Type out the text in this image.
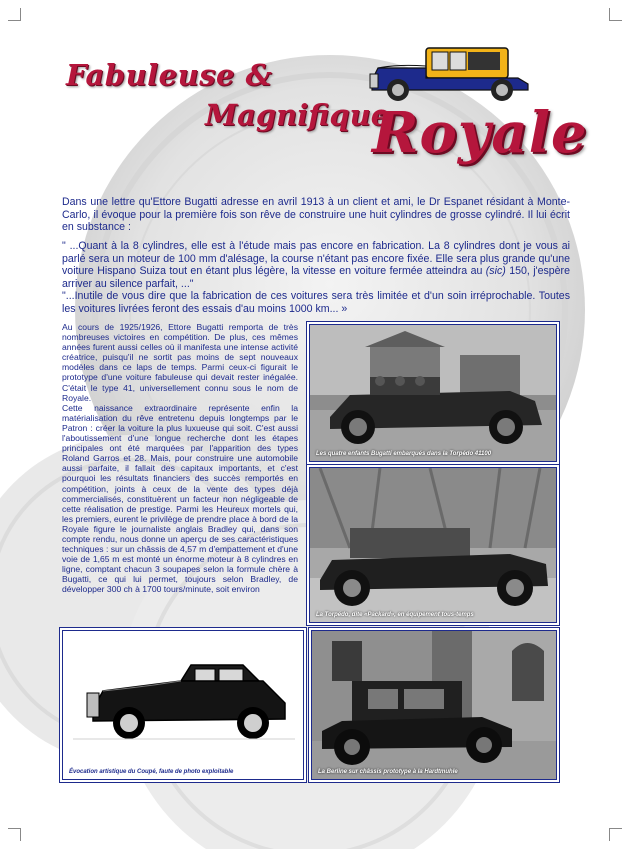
Fabuleuse &
Magnifique
Royale

Dans une lettre qu'Ettore Bugatti adresse en avril 1913 à un client et ami, le Dr Espanet résidant à Monte-Carlo, il évoque pour la première fois son rêve de construire une huit cylindres de grosse cylindré. Il lui écrit en substance :

" ...Quant à la 8 cylindres, elle est à l'étude mais pas encore en fabrication. La 8 cylindres dont je vous ai parlé sera un moteur de 100 mm d'alésage, la course n'étant pas encore fixée. Elle sera plus grande qu'une voiture Hispano Suiza tout en étant plus légère, la vitesse en voiture fermée atteindra au (sic) 150, j'espère arriver au silence parfait, ..."

"...Inutile de vous dire que la fabrication de ces voitures sera très limitée et d'un soin irréprochable. Toutes les voitures livrées feront des essais d'au moins 1000 km... »

Au cours de 1925/1926, Ettore Bugatti remporta de très nombreuses victoires en compétition. De plus, ces mêmes années furent aussi celles où il manifesta une intense activité créatrice, puisqu'il ne sortit pas moins de sept nouveaux modèles dans ce laps de temps. Parmi ceux-ci figurait le prototype d'une voiture fabuleuse qui devait rester inégalée. C'était le type 41, universellement connu sous le nom de Royale.

Cette naissance extraordinaire représente enfin la matérialisation du rêve entretenu depuis longtemps par le Patron : créer la voiture la plus luxueuse qui soit. C'est aussi l'aboutissement d'une longue recherche dont les étapes principales ont été marquées par l'apparition des types Roland Garros et 28. Mais, pour construire une automobile aussi parfaite, il fallait des capitaux importants, et c'est pourquoi les résultats financiers des succès remportés en compétition, joints à ceux de la vente des types déjà commercialisés, constituèrent un facteur non négligeable de cette réalisation de prestige. Parmi les Heureux mortels qui, les premiers, eurent le privilège de prendre place à bord de la Royale figure le journaliste anglais Bradley qui, dans son compte rendu, nous donne un aperçu de ses caractéristiques techniques : sur un châssis de 4,57 m d'empattement et d'une voie de 1,65 m est monté un énorme moteur à 8 cylindres en ligne, comptant chacun 3 soupapes selon la formule chère à Bugatti, ce qui lui permet, toujours selon Bradley, de développer 300 ch à 1700 tours/minute, soit environ

Les quatre enfants Bugatti embarqués dans la Torpédo 41100
La Torpédo, dite «Packard», en équipement tous-temps
Évocation artistique du Coupé, faute de photo exploitable	La Berline sur châssis prototype à la Hardtmuhle
